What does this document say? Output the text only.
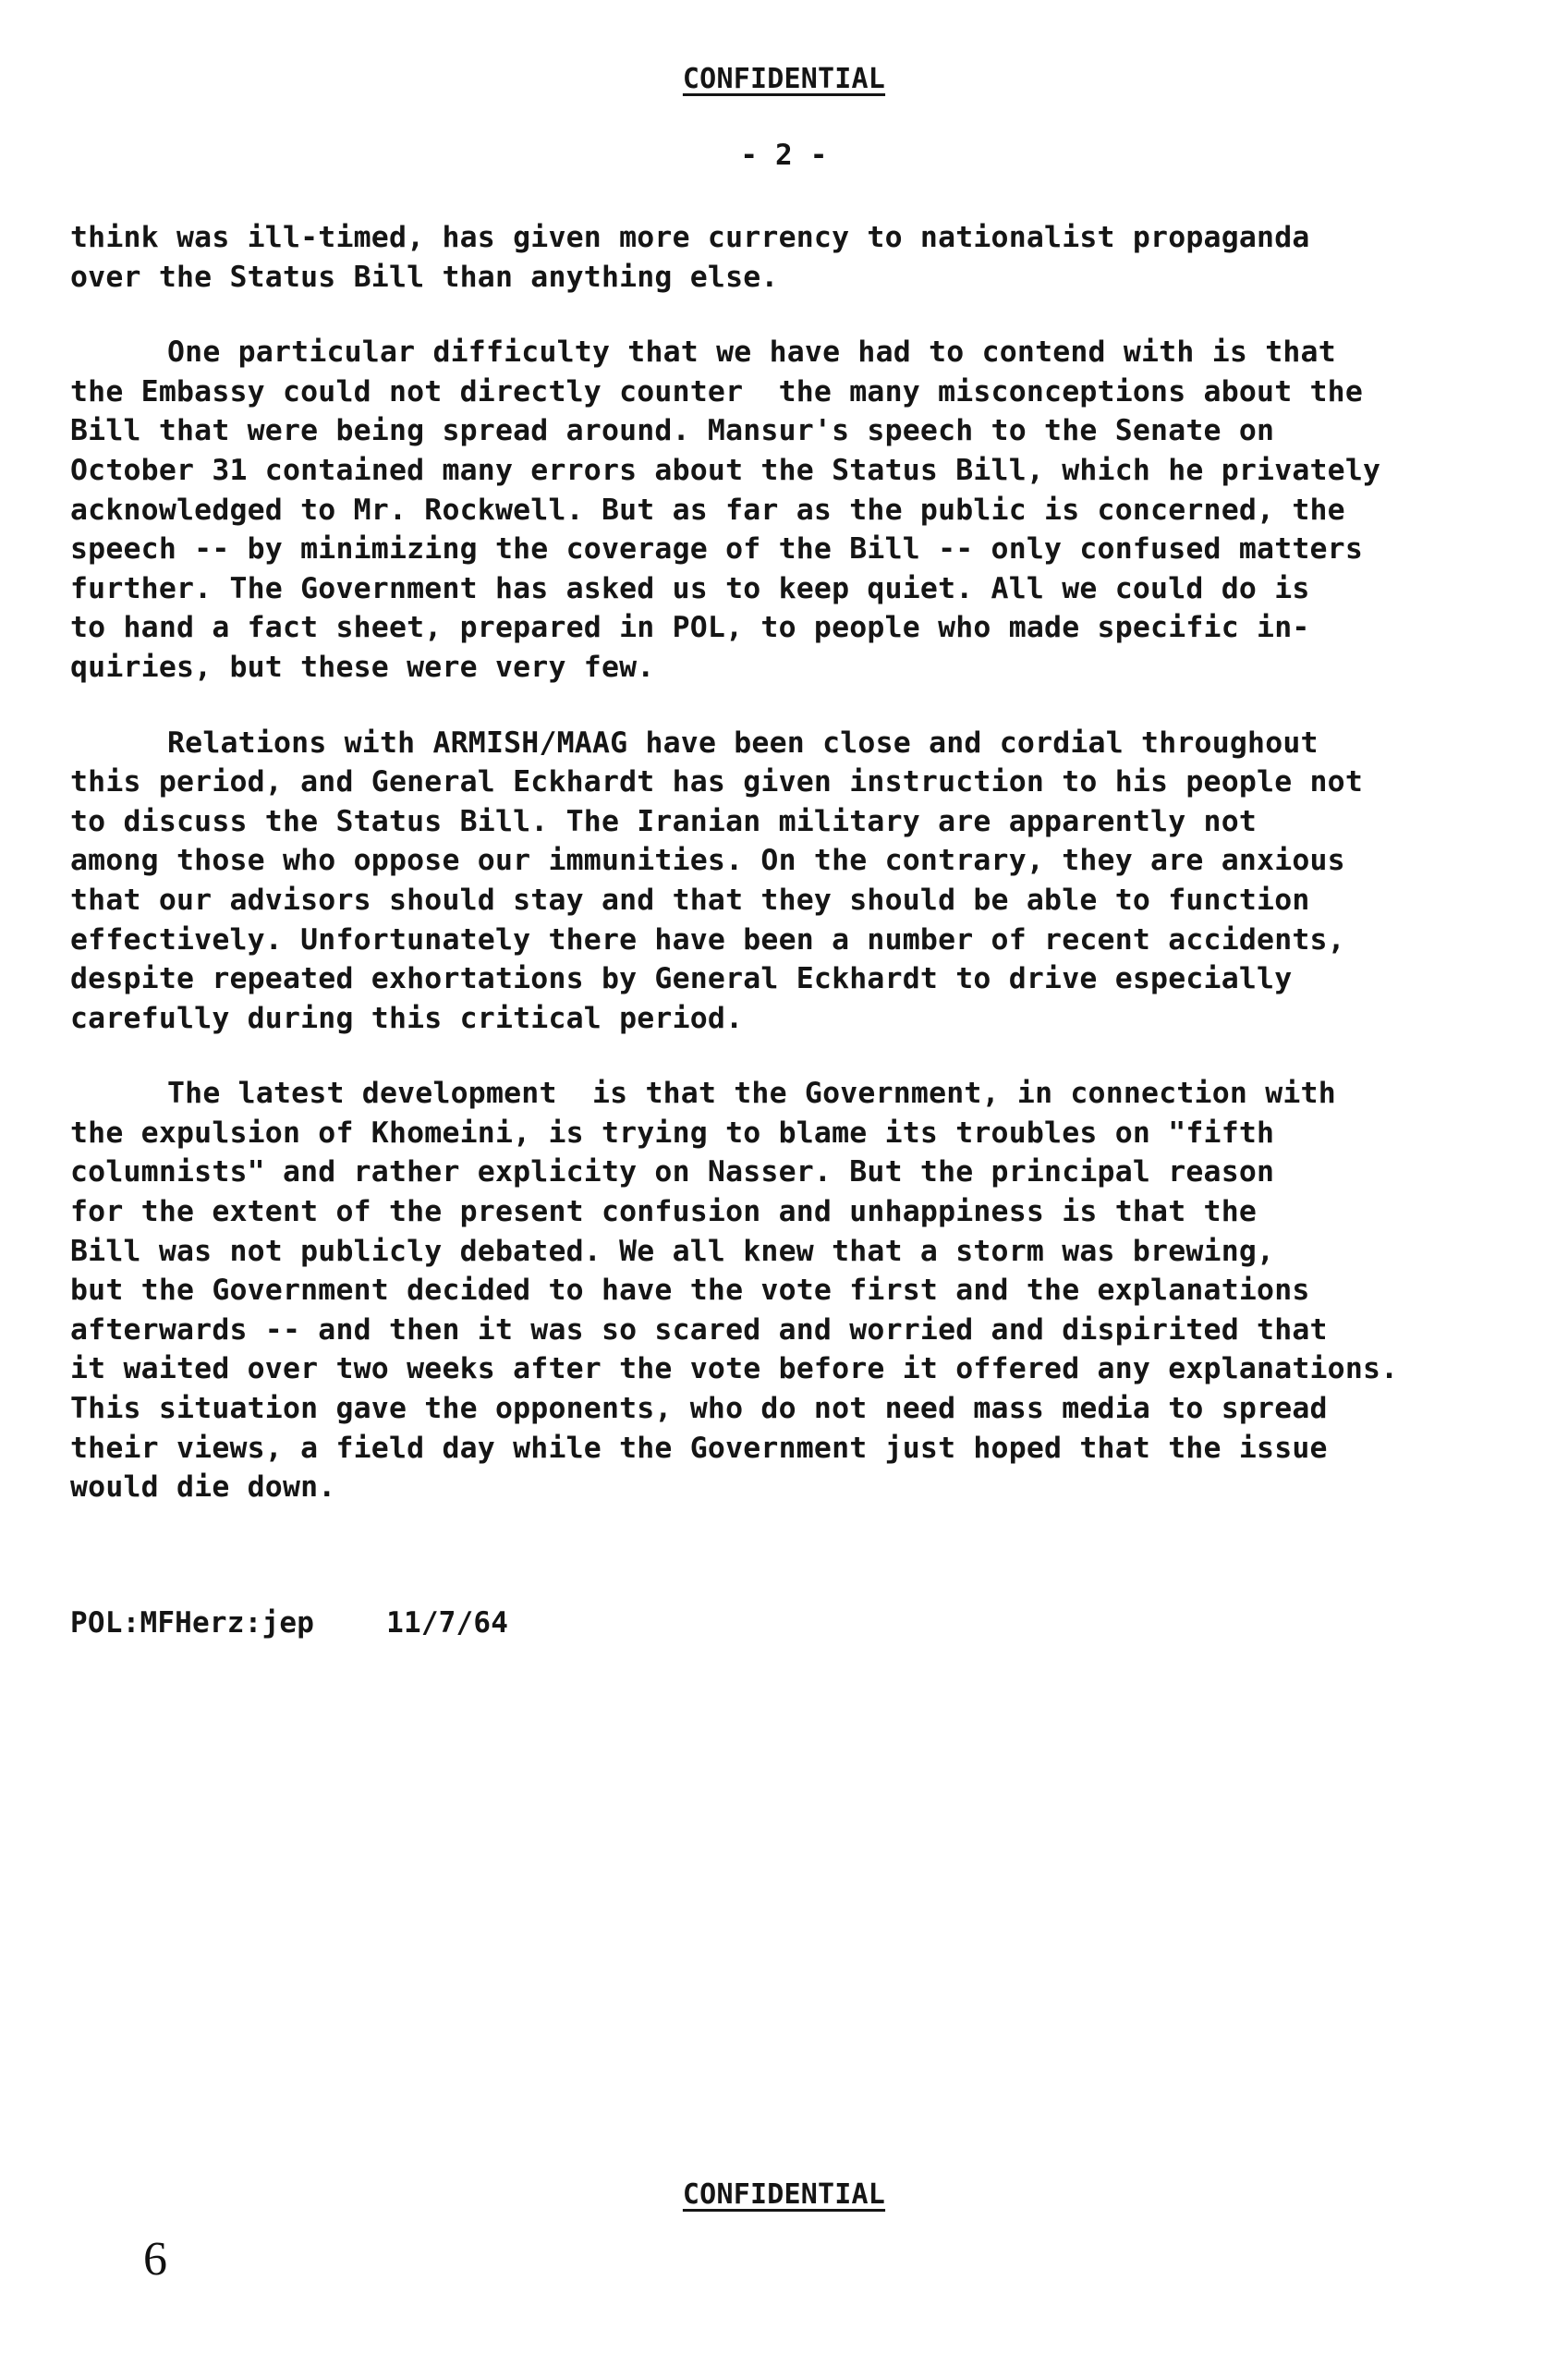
CONFIDENTIAL
- 2 -
think was ill-timed, has given more currency to nationalist propaganda
over the Status Bill than anything else.
One particular difficulty that we have had to contend with is that
the Embassy could not directly counter  the many misconceptions about the
Bill that were being spread around. Mansur's speech to the Senate on
October 31 contained many errors about the Status Bill, which he privately
acknowledged to Mr. Rockwell. But as far as the public is concerned, the
speech -- by minimizing the coverage of the Bill -- only confused matters
further. The Government has asked us to keep quiet. All we could do is
to hand a fact sheet, prepared in POL, to people who made specific in-
quiries, but these were very few.
Relations with ARMISH/MAAG have been close and cordial throughout
this period, and General Eckhardt has given instruction to his people not
to discuss the Status Bill. The Iranian military are apparently not
among those who oppose our immunities. On the contrary, they are anxious
that our advisors should stay and that they should be able to function
effectively. Unfortunately there have been a number of recent accidents,
despite repeated exhortations by General Eckhardt to drive especially
carefully during this critical period.
The latest development  is that the Government, in connection with
the expulsion of Khomeini, is trying to blame its troubles on "fifth
columnists" and rather explicity on Nasser. But the principal reason
for the extent of the present confusion and unhappiness is that the
Bill was not publicly debated. We all knew that a storm was brewing,
but the Government decided to have the vote first and the explanations
afterwards -- and then it was so scared and worried and dispirited that
it waited over two weeks after the vote before it offered any explanations.
This situation gave the opponents, who do not need mass media to spread
their views, a field day while the Government just hoped that the issue
would die down.
POL:MFHerz:jep	11/7/64
CONFIDENTIAL
6
